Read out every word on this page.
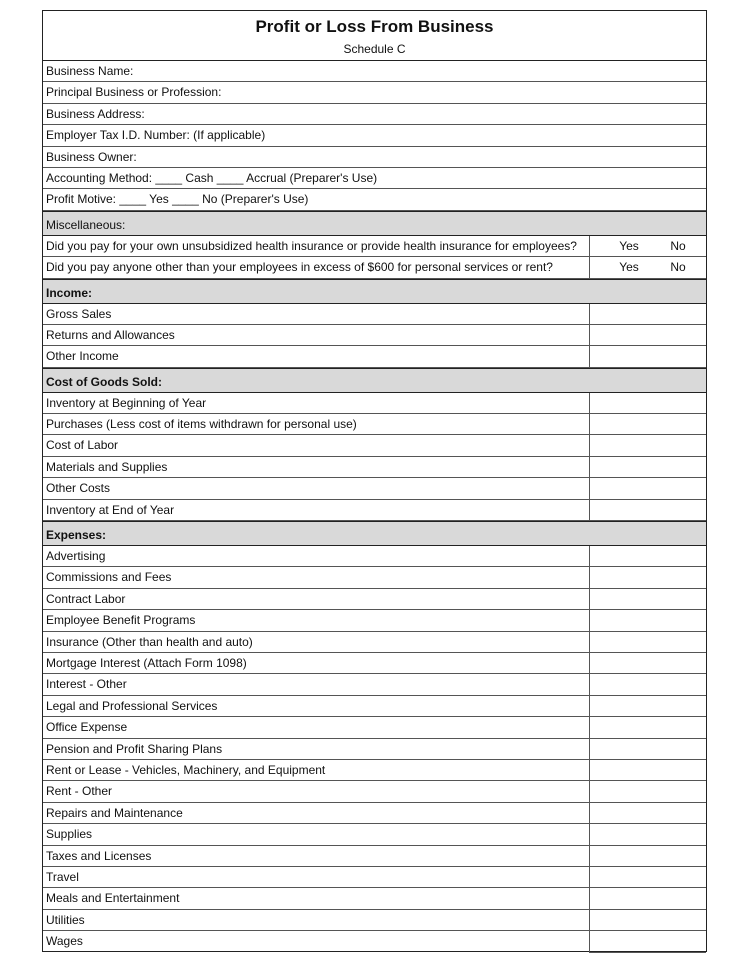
Profit or Loss From Business
Schedule C
Business Name:
Principal Business or Profession:
Business Address:
Employer Tax I.D. Number: (If applicable)
Business Owner:
Accounting Method: ____ Cash ____ Accrual (Preparer's Use)
Profit Motive: ____ Yes ____ No (Preparer's Use)
Miscellaneous:
Did you pay for your own unsubsidized health insurance or provide health insurance for employees?	Yes	No
Did you pay anyone other than your employees in excess of $600 for personal services or rent?	Yes	No
Income:
Gross Sales
Returns and Allowances
Other Income
Cost of Goods Sold:
Inventory at Beginning of Year
Purchases (Less cost of items withdrawn for personal use)
Cost of Labor
Materials and Supplies
Other Costs
Inventory at End of Year
Expenses:
Advertising
Commissions and Fees
Contract Labor
Employee Benefit Programs
Insurance (Other than health and auto)
Mortgage Interest (Attach Form 1098)
Interest - Other
Legal and Professional Services
Office Expense
Pension and Profit Sharing Plans
Rent or Lease - Vehicles, Machinery, and Equipment
Rent - Other
Repairs and Maintenance
Supplies
Taxes and Licenses
Travel
Meals and Entertainment
Utilities
Wages
